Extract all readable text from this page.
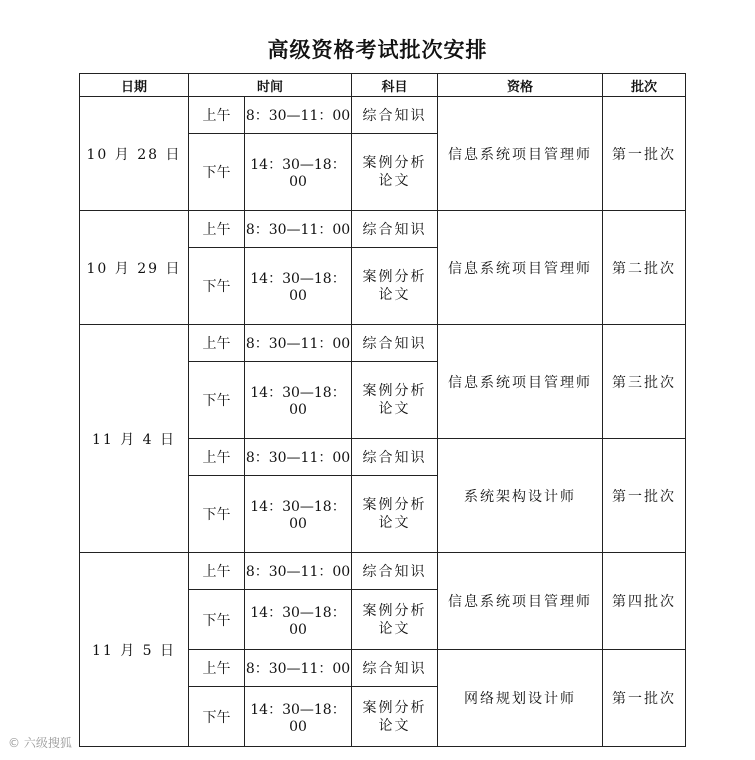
高级资格考试批次安排
日期	时间		科目	资格	批次
10 月 28 日	上午	8：30—11：00	综合知识	信息系统项目管理师	第一批次
	下午	14：30—18：00	案例分析
论文		

10 月 29 日	上午	8：30—11：00	综合知识	信息系统项目管理师	第二批次
	下午	14：30—18：00	案例分析
论文		

11 月 4 日	上午	8：30—11：00	综合知识	信息系统项目管理师	第三批次
	下午	14：30—18：00	案例分析
论文		

	上午	8：30—11：00	综合知识	系统架构设计师	第一批次
	下午	14：30—18：00	案例分析
论文		

11 月 5 日	上午	8：30—11：00	综合知识	信息系统项目管理师	第四批次
	下午	14：30—18：00	案例分析
论文		

	上午	8：30—11：00	综合知识	网络规划设计师	第一批次
	下午	14：30—18：00	案例分析
论文		
© 六级搜狐
